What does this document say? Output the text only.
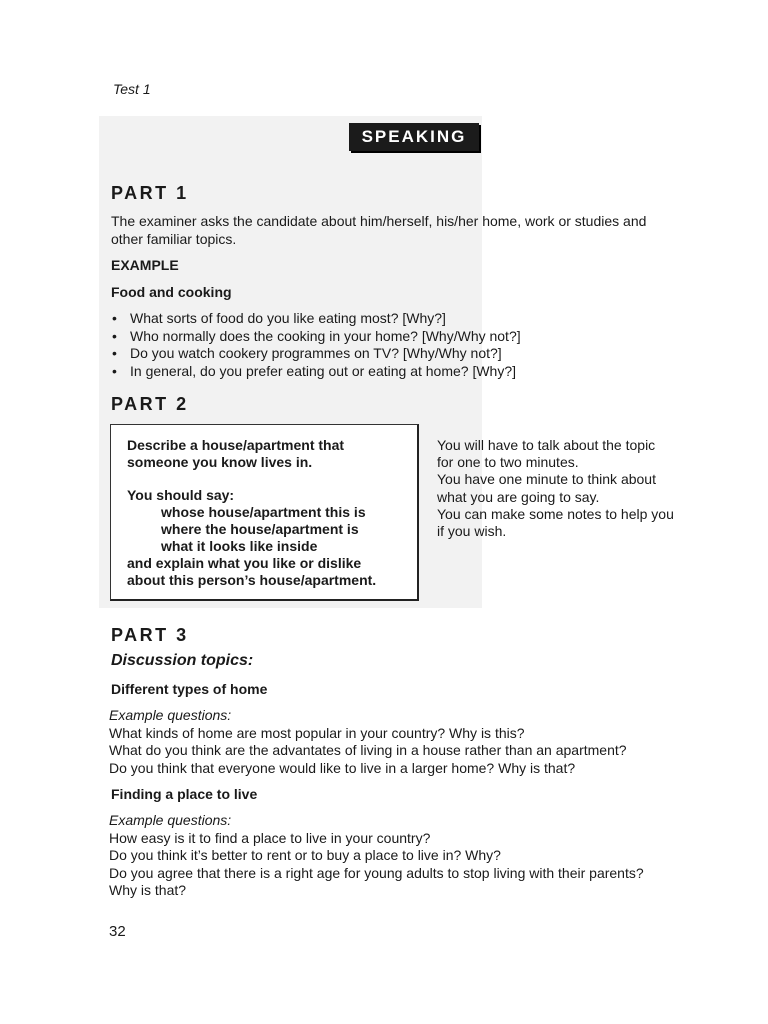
Test 1
SPEAKING
PART 1
The examiner asks the candidate about him/herself, his/her home, work or studies and
other familiar topics.
EXAMPLE
Food and cooking
• What sorts of food do you like eating most? [Why?]
• Who normally does the cooking in your home? [Why/Why not?]
• Do you watch cookery programmes on TV? [Why/Why not?]
• In general, do you prefer eating out or eating at home? [Why?]
PART 2
Describe a house/apartment that
someone you know lives in.
You should say:
whose house/apartment this is
where the house/apartment is
what it looks like inside
and explain what you like or dislike
about this person’s house/apartment.
You will have to talk about the topic
for one to two minutes.
You have one minute to think about
what you are going to say.
You can make some notes to help you
if you wish.
PART 3
Discussion topics:
Different types of home
Example questions:
What kinds of home are most popular in your country? Why is this?
What do you think are the advantates of living in a house rather than an apartment?
Do you think that everyone would like to live in a larger home? Why is that?
Finding a place to live
Example questions:
How easy is it to find a place to live in your country?
Do you think it’s better to rent or to buy a place to live in? Why?
Do you agree that there is a right age for young adults to stop living with their parents?
Why is that?
32
